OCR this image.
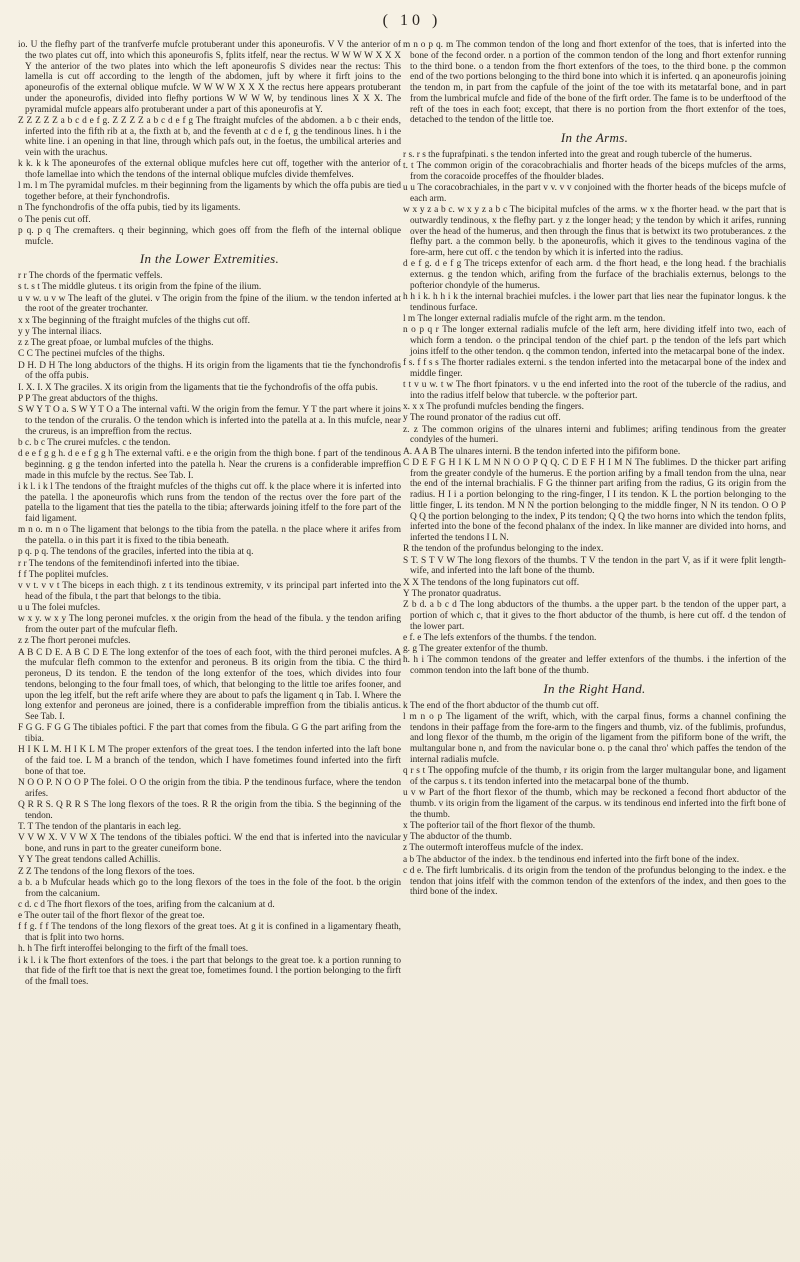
( 10 )

io. U the flefhy part of the tranfverfe mufcle protuberant under this aponeurofis. V V the anterior of the two plates cut off, into which this aponeurofis S, fplits itfelf, near the rectus. W W W W X X X Y the anterior of the two plates into which the left aponeurofis S divides near the rectus: This lamella is cut off according to the length of the abdomen, juft by where it firft joins to the aponeurofis of the external oblique mufcle. W W W W X X X the rectus here appears protuberant under the aponeurofis, divided into flefhy portions W W W W, by tendinous lines X X X. The pyramidal mufcle appears alfo protuberant under a part of this aponeurofis at Y.

Z Z Z Z Z a b c d e f g. Z Z Z Z a b c d e f g The ftraight mufcles of the abdomen. a b c their ends, inferted into the fifth rib at a, the fixth at b, and the feventh at c d e f, g the tendinous lines. h i the white line. i an opening in that line, through which pafs out, in the foetus, the umbilical arteries and vein with the urachus.

k k. k k The aponeurofes of the external oblique mufcles here cut off, together with the anterior of thofe lamellae into which the tendons of the internal oblique mufcles divide themfelves.

l m. l m The pyramidal mufcles. m their beginning from the ligaments by which the offa pubis are tied together before, at their fynchondrofis.

n The fynchondrofis of the offa pubis, tied by its ligaments.

o The penis cut off.

p q. p q The cremafters. q their beginning, which goes off from the flefh of the internal oblique mufcle.

In the Lower Extremities.

r r The chords of the fpermatic veffels.

s t. s t The middle gluteus. t its origin from the fpine of the ilium.

u v w. u v w The leaft of the glutei. v The origin from the fpine of the ilium. w the tendon inferted at the root of the greater trochanter.

x x The beginning of the ftraight mufcles of the thighs cut off.

y y The internal iliacs.

z z The great pfoae, or lumbal mufcles of the thighs.

C C The pectinei mufcles of the thighs.

D H. D H The long abductors of the thighs. H its origin from the ligaments that tie the fynchondrofis of the offa pubis.

I. X. I. X The graciles. X its origin from the ligaments that tie the fychondrofis of the offa pubis.

P P The great abductors of the thighs.

S W Y T O a. S W Y T O a The internal vafti. W the origin from the femur. Y T the part where it joins to the tendon of the cruralis. O the tendon which is inferted into the patella at a. In this mufcle, near the crureus, is an impreffion from the rectus.

b c. b c The crurei mufcles. c the tendon.

d e e f g g h. d e e f g g h The external vafti. e e the origin from the thigh bone. f part of the tendinous beginning. g g the tendon inferted into the patella h. Near the crurens is a confiderable impreffion made in this mufcle by the rectus. See Tab. I.

i k l. i k l The tendons of the ftraight mufcles of the thighs cut off. k the place where it is inferted into the patella. l the aponeurofis which runs from the tendon of the rectus over the fore part of the patella to the ligament that ties the patella to the tibia; afterwards joining itfelf to the fore part of the faid ligament.

m n o. m n o The ligament that belongs to the tibia from the patella. n the place where it arifes from the patella. o in this part it is fixed to the tibia beneath.

p q. p q. The tendons of the graciles, inferted into the tibia at q.

r r The tendons of the femitendinofi inferted into the tibiae.

f f The poplitei mufcles.

v v t. v v t The biceps in each thigh. z t its tendinous extremity, v its principal part inferted into the head of the fibula, t the part that belongs to the tibia.

u u The folei mufcles.

w x y. w x y The long peronei mufcles. x the origin from the head of the fibula. y the tendon arifing from the outer part of the mufcular flefh.

z z The fhort peronei mufcles.

A B C D E. A B C D E The long extenfor of the toes of each foot, with the third peronei mufcles. A the mufcular flefh common to the extenfor and peroneus. B its origin from the tibia. C the third peroneus, D its tendon. E the tendon of the long extenfor of the toes, which divides into four tendons, belonging to the four fmall toes, of which, that belonging to the little toe arifes fooner, and upon the leg itfelf, but the reft arife where they are about to pafs the ligament q in Tab. I. Where the long extenfor and peroneus are joined, there is a confiderable impreffion from the tibialis anticus. See Tab. I.

F G G. F G G The tibiales poftici. F the part that comes from the fibula. G G the part arifing from the tibia.

H I K L M. H I K L M The proper extenfors of the great toes. I the tendon inferted into the laft bone of the faid toe. L M a branch of the tendon, which I have fometimes found inferted into the firft bone of that toe.

N O O P. N O O P The folei. O O the origin from the tibia. P the tendinous furface, where the tendon arifes.

Q R R S. Q R R S The long flexors of the toes. R R the origin from the tibia. S the beginning of the tendon.

T. T The tendon of the plantaris in each leg.

V V W X. V V W X The tendons of the tibiales poftici. W the end that is inferted into the navicular bone, and runs in part to the greater cuneiform bone.

Y Y The great tendons called Achillis.

Z Z The tendons of the long flexors of the toes.

a b. a b Mufcular heads which go to the long flexors of the toes in the fole of the foot. b the origin from the calcanium.

c d. c d The fhort flexors of the toes, arifing from the calcanium at d.

e The outer tail of the fhort flexor of the great toe.

f f g. f f The tendons of the long flexors of the great toes. At g it is confined in a ligamentary fheath, that is fplit into two horns.

h. h The firft interoffei belonging to the firft of the fmall toes.

i k l. i k The fhort extenfors of the toes. i the part that belongs to the great toe. k a portion running to that fide of the firft toe that is next the great toe, fometimes found. l the portion belonging to the firft of the fmall toes.

m n o p q. m The common tendon of the long and fhort extenfor of the toes, that is inferted into the bone of the fecond order. n a portion of the common tendon of the long and fhort extenfor running to the third bone. o a tendon from the fhort extenfors of the toes, to the third bone. p the common end of the two portions belonging to the third bone into which it is inferted. q an aponeurofis joining the tendon m, in part from the capfule of the joint of the toe with its metatarfal bone, and in part from the lumbrical mufcle and fide of the bone of the firft order. The fame is to be underftood of the reft of the toes in each foot; except, that there is no portion from the fhort extenfor of the toes, detached to the tendon of the little toe.

In the Arms.

r s. r s the fuprafpinati. s the tendon inferted into the great and rough tubercle of the humerus.

t. t The common origin of the coracobrachialis and fhorter heads of the biceps mufcles of the arms, from the coracoide proceffes of the fhoulder blades.

u u The coracobrachiales, in the part v v. v v conjoined with the fhorter heads of the biceps mufcle of each arm.

w x y z a b c. w x y z a b c The bicipital mufcles of the arms. w x the fhorter head. w the part that is outwardly tendinous, x the flefhy part. y z the longer head; y the tendon by which it arifes, running over the head of the humerus, and then through the finus that is betwixt its two protuberances. z the flefhy part. a the common belly. b the aponeurofis, which it gives to the tendinous vagina of the fore-arm, here cut off. c the tendon by which it is inferted into the radius.

d e f g. d e f g The triceps extenfor of each arm. d the fhort head, e the long head. f the brachialis externus. g the tendon which, arifing from the furface of the brachialis externus, belongs to the pofterior chondyle of the humerus.

h h i k. h h i k the internal brachiei mufcles. i the lower part that lies near the fupinator longus. k the tendinous furface.

l m The longer external radialis mufcle of the right arm. m the tendon.

n o p q r The longer external radialis mufcle of the left arm, here dividing itfelf into two, each of which form a tendon. o the principal tendon of the chief part. p the tendon of the lefs part which joins itfelf to the other tendon. q the common tendon, inferted into the metacarpal bone of the index.

f s. f f s s The fhorter radiales externi. s the tendon inferted into the metacarpal bone of the index and middle finger.

t t v u w. t w The fhort fpinators. v u the end inferted into the root of the tubercle of the radius, and into the radius itfelf below that tubercle. w the pofterior part.

x. x x The profundi mufcles bending the fingers.

y The round pronator of the radius cut off.

z. z The common origins of the ulnares interni and fublimes; arifing tendinous from the greater condyles of the humeri.

A. A A B The ulnares interni. B the tendon inferted into the pifiform bone.

C D E F G H I K L M N N O O P Q Q. C D E F H I M N The fublimes. D the thicker part arifing from the greater condyle of the humerus. E the portion arifing by a fmall tendon from the ulna, near the end of the internal brachialis. F G the thinner part arifing from the radius, G its origin from the radius. H I i a portion belonging to the ring-finger, I I its tendon. K L the portion belonging to the little finger, L its tendon. M N N the portion belonging to the middle finger, N N its tendon. O O P Q Q the portion belonging to the index, P its tendon; Q Q the two horns into which the tendon fplits, inferted into the bone of the fecond phalanx of the index. In like manner are divided into horns, and inferted the tendons I L N.

R the tendon of the profundus belonging to the index.

S T. S T V W The long flexors of the thumbs. T V the tendon in the part V, as if it were fplit length-wife, and inferted into the laft bone of the thumb.

X X The tendons of the long fupinators cut off.

Y The pronator quadratus.

Z b d. a b c d The long abductors of the thumbs. a the upper part. b the tendon of the upper part, a portion of which c, that it gives to the fhort abductor of the thumb, is here cut off. d the tendon of the lower part.

e f. e The lefs extenfors of the thumbs. f the tendon.

g. g The greater extenfor of the thumb.

h. h i The common tendons of the greater and leffer extenfors of the thumbs. i the infertion of the common tendon into the laft bone of the thumb.

In the Right Hand.

k The end of the fhort abductor of the thumb cut off.

l m n o p The ligament of the wrift, which, with the carpal finus, forms a channel confining the tendons in their paffage from the fore-arm to the fingers and thumb, viz. of the fublimis, profundus, and long flexor of the thumb, m the origin of the ligament from the pifiform bone of the wrift, the multangular bone n, and from the navicular bone o. p the canal thro' which paffes the tendon of the internal radialis mufcle.

q r s t The oppofing mufcle of the thumb, r its origin from the larger multangular bone, and ligament of the carpus s. t its tendon inferted into the metacarpal bone of the thumb.

u v w Part of the fhort flexor of the thumb, which may be reckoned a fecond fhort abductor of the thumb. v its origin from the ligament of the carpus. w its tendinous end inferted into the firft bone of the thumb.

x The pofterior tail of the fhort flexor of the thumb.

y The abductor of the thumb.

z The outermoft interoffeus mufcle of the index.

a b The abductor of the index. b the tendinous end inferted into the firft bone of the index.

c d e. The firft lumbricalis. d its origin from the tendon of the profundus belonging to the index. e the tendon that joins itfelf with the common tendon of the extenfors of the index, and then goes to the third bone of the index.
